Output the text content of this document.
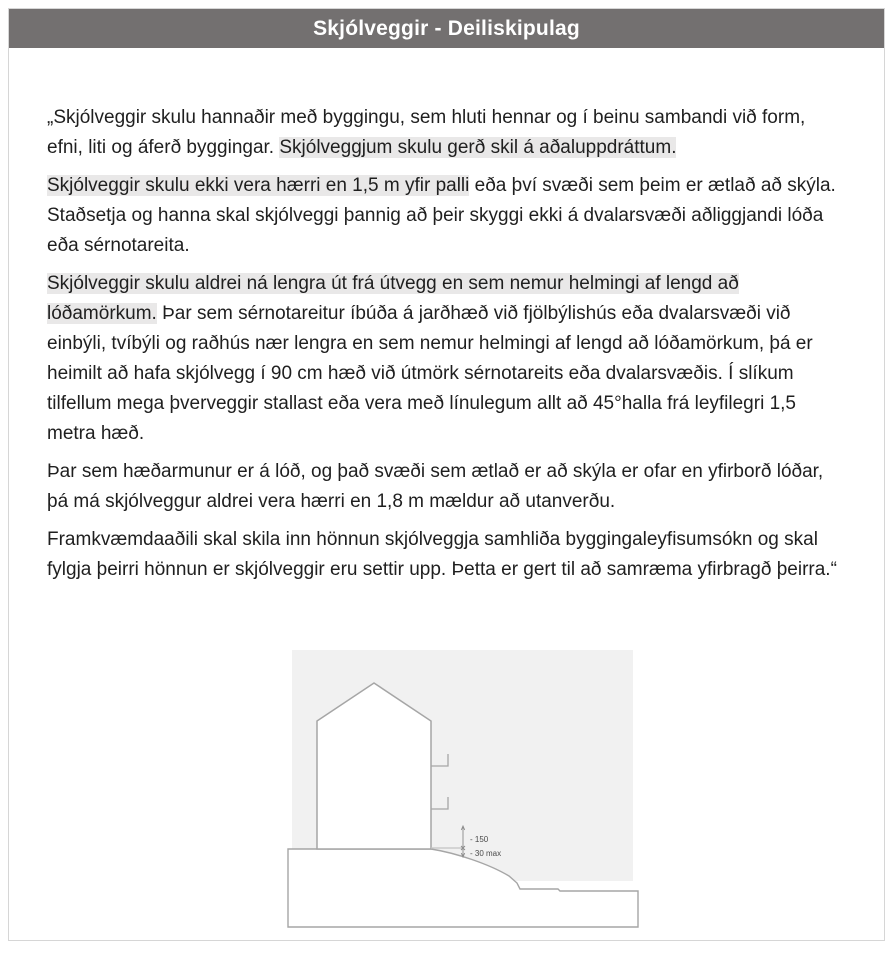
Skjólveggir - Deiliskipulag

„Skjólveggir skulu hannaðir með byggingu, sem hluti hennar og í beinu sambandi við form, efni, liti og áferð byggingar. Skjólveggjum skulu gerð skil á aðaluppdráttum.

Skjólveggir skulu ekki vera hærri en 1,5 m yfir palli eða því svæði sem þeim er ætlað að skýla. Staðsetja og hanna skal skjólveggi þannig að þeir skyggi ekki á dvalarsvæði aðliggjandi lóða eða sérnotareita.

Skjólveggir skulu aldrei ná lengra út frá útvegg en sem nemur helmingi af lengd að lóðamörkum. Þar sem sérnotareitur íbúða á jarðhæð við fjölbýlishús eða dvalarsvæði við einbýli, tvíbýli og raðhús nær lengra en sem nemur helmingi af lengd að lóðamörkum, þá er heimilt að hafa skjólvegg í 90 cm hæð við útmörk sérnotareits eða dvalarsvæðis. Í slíkum tilfellum mega þverveggir stallast eða vera með línulegum allt að 45°halla frá leyfilegri 1,5 metra hæð.

Þar sem hæðarmunur er á lóð, og það svæði sem ætlað er að skýla er ofar en yfirborð lóðar, þá má skjólveggur aldrei vera hærri en 1,8 m mældur að utanverðu.

Framkvæmdaaðili skal skila inn hönnun skjólveggja samhliða byggingaleyfisumsókn og skal fylgja þeirri hönnun er skjólveggir eru settir upp. Þetta er gert til að samræma yfirbragð þeirra.“

- 150
- 30 max
